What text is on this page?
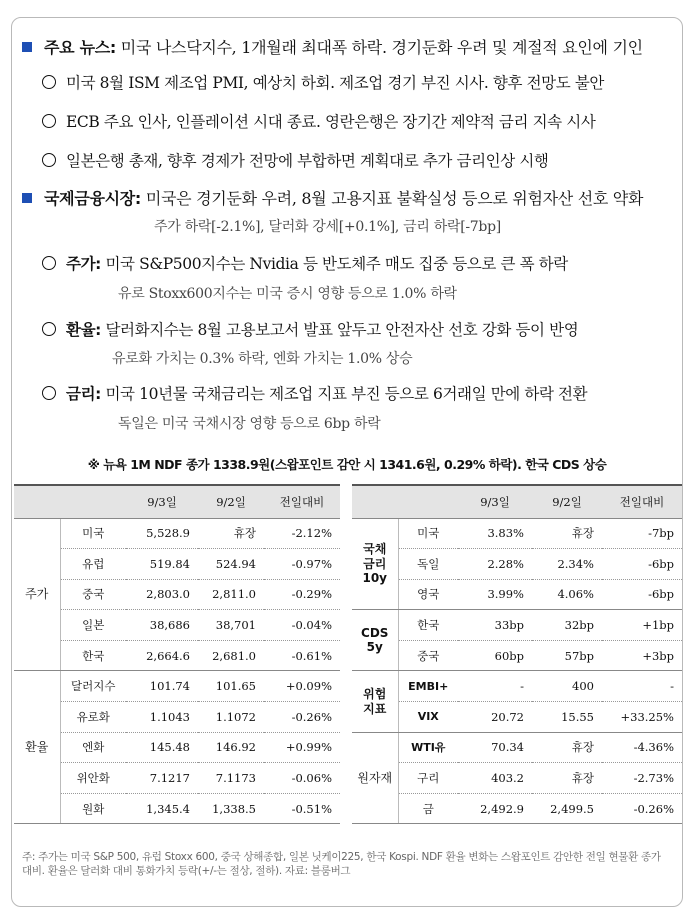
주요 뉴스: 미국 나스닥지수, 1개월래 최대폭 하락. 경기둔화 우려 및 계절적 요인에 기인
미국 8월 ISM 제조업 PMI, 예상치 하회. 제조업 경기 부진 시사. 향후 전망도 불안
ECB 주요 인사, 인플레이션 시대 종료. 영란은행은 장기간 제약적 금리 지속 시사
일본은행 총재, 향후 경제가 전망에 부합하면 계획대로 추가 금리인상 시행
국제금융시장: 미국은 경기둔화 우려, 8월 고용지표 불확실성 등으로 위험자산 선호 약화
주가 하락[-2.1%], 달러화 강세[+0.1%], 금리 하락[-7bp]
주가: 미국 S&P500지수는 Nvidia 등 반도체주 매도 집중 등으로 큰 폭 하락
유로 Stoxx600지수는 미국 증시 영향 등으로 1.0% 하락
환율: 달러화지수는 8월 고용보고서 발표 앞두고 안전자산 선호 강화 등이 반영
유로화 가치는 0.3% 하락, 엔화 가치는 1.0% 상승
금리: 미국 10년물 국채금리는 제조업 지표 부진 등으로 6거래일 만에 하락 전환
독일은 미국 국채시장 영향 등으로 6bp 하락
※ 뉴욕 1M NDF 종가 1338.9원(스왑포인트 감안 시 1341.6원, 0.29% 하락). 한국 CDS 상승
		9/3일	9/2일	전일대비
주가	미국	5,528.9	휴장	-2.12%
	유럽	519.84	524.94	-0.97%
	중국	2,803.0	2,811.0	-0.29%
	일본	38,686	38,701	-0.04%
	한국	2,664.6	2,681.0	-0.61%
환율	달러지수	101.74	101.65	+0.09%
	유로화	1.1043	1.1072	-0.26%
	엔화	145.48	146.92	+0.99%
	위안화	7.1217	7.1173	-0.06%
	원화	1,345.4	1,338.5	-0.51%
		9/3일	9/2일	전일대비
국채
금리
10y	미국	3.83%	휴장	-7bp
	독일	2.28%	2.34%	-6bp
	영국	3.99%	4.06%	-6bp
CDS
5y	한국	33bp	32bp	+1bp
	중국	60bp	57bp	+3bp
위험
지표	EMBI+	-	400	-
	VIX	20.72	15.55	+33.25%
원자재	WTI유	70.34	휴장	-4.36%
	구리	403.2	휴장	-2.73%
	금	2,492.9	2,499.5	-0.26%
주: 주가는 미국 S&P 500, 유럽 Stoxx 600, 중국 상해종합, 일본 닛케이225, 한국 Kospi. NDF 환율 변화는 스왑포인트 감안한 전일 현물환 종가 대비. 환율은 달러화 대비 통화가치 등락(+/-는 절상, 절하). 자료: 블룸버그
